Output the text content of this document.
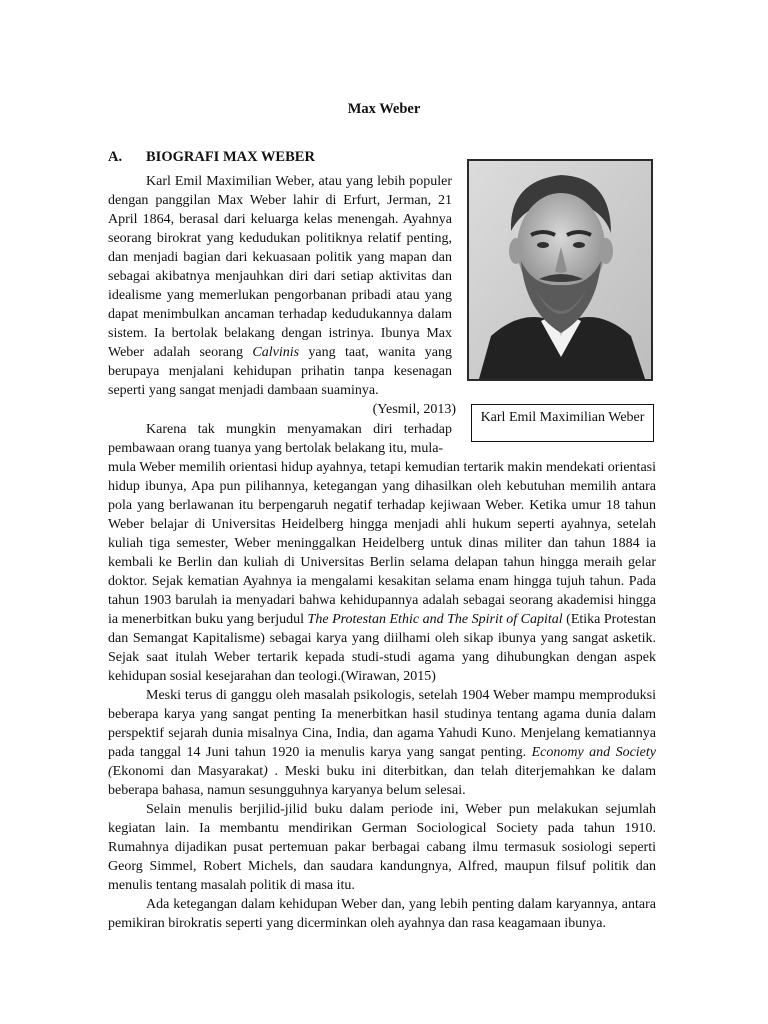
Max Weber
A. BIOGRAFI MAX WEBER
Karl Emil Maximilian Weber

Karl Emil Maximilian Weber, atau yang lebih populer dengan panggilan Max Weber lahir di Erfurt, Jerman, 21 April 1864, berasal dari keluarga kelas menengah. Ayahnya seorang birokrat yang kedudukan politiknya relatif penting, dan menjadi bagian dari kekuasaan politik yang mapan dan sebagai akibatnya menjauhkan diri dari setiap aktivitas dan idealisme yang memerlukan pengorbanan pribadi atau yang dapat menimbulkan ancaman terhadap kedudukannya dalam sistem. Ia bertolak belakang dengan istrinya. Ibunya Max Weber adalah seorang Calvinis yang taat, wanita yang berupaya menjalani kehidupan prihatin tanpa kesenagan seperti yang sangat menjadi dambaan suaminya.

(Yesmil, 2013)

Karena tak mungkin menyamakan diri terhadap pembawaan orang tuanya yang bertolak belakang itu, mula-

mula Weber memilih orientasi hidup ayahnya, tetapi kemudian tertarik makin mendekati orientasi hidup ibunya, Apa pun pilihannya, ketegangan yang dihasilkan oleh kebutuhan memilih antara pola yang berlawanan itu berpengaruh negatif terhadap kejiwaan Weber. Ketika umur 18 tahun Weber belajar di Universitas Heidelberg hingga menjadi ahli hukum seperti ayahnya, setelah kuliah tiga semester, Weber meninggalkan Heidelberg untuk dinas militer dan tahun 1884 ia kembali ke Berlin dan kuliah di Universitas Berlin selama delapan tahun hingga meraih gelar doktor. Sejak kematian Ayahnya ia mengalami kesakitan selama enam hingga tujuh tahun. Pada tahun 1903 barulah ia menyadari bahwa kehidupannya adalah sebagai seorang akademisi hingga ia menerbitkan buku yang berjudul The Protestan Ethic and The Spirit of Capital (Etika Protestan dan Semangat Kapitalisme) sebagai karya yang diilhami oleh sikap ibunya yang sangat asketik. Sejak saat itulah Weber tertarik kepada studi-studi agama yang dihubungkan dengan aspek kehidupan sosial kesejarahan dan teologi.(Wirawan, 2015)

Meski terus di ganggu oleh masalah psikologis, setelah 1904 Weber mampu memproduksi beberapa karya yang sangat penting Ia menerbitkan hasil studinya tentang agama dunia dalam perspektif sejarah dunia misalnya Cina, India, dan agama Yahudi Kuno. Menjelang kematiannya pada tanggal 14 Juni tahun 1920 ia menulis karya yang sangat penting. Economy and Society (Ekonomi dan Masyarakat) . Meski buku ini diterbitkan, dan telah diterjemahkan ke dalam beberapa bahasa, namun sesungguhnya karyanya belum selesai.

Selain menulis berjilid-jilid buku dalam periode ini, Weber pun melakukan sejumlah kegiatan lain. Ia membantu mendirikan German Sociological Society pada tahun 1910. Rumahnya dijadikan pusat pertemuan pakar berbagai cabang ilmu termasuk sosiologi seperti Georg Simmel, Robert Michels, dan saudara kandungnya, Alfred, maupun filsuf politik dan menulis tentang masalah politik di masa itu.

Ada ketegangan dalam kehidupan Weber dan, yang lebih penting dalam karyannya, antara pemikiran birokratis seperti yang dicerminkan oleh ayahnya dan rasa keagamaan ibunya.
